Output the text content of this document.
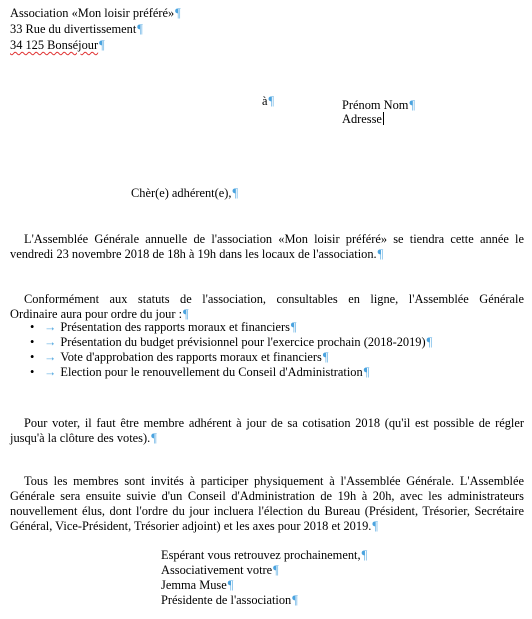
Association «Mon loisir préféré»¶
33 Rue du divertissement¶
34 125 Bonséjour¶
à¶	Prénom Nom¶
Adresse
Chèr(e) adhérent(e),¶
L'Assemblée Générale annuelle de l'association «Mon loisir préféré» se tiendra cette année le
vendredi 23 novembre 2018 de 18h à 19h dans les locaux de l'association.¶
Conformément aux statuts de l'association, consultables en ligne, l'Assemblée Générale
Ordinaire aura pour ordre du jour :¶
• → Présentation des rapports moraux et financiers¶
• → Présentation du budget prévisionnel pour l'exercice prochain (2018-2019)¶
• → Vote d'approbation des rapports moraux et financiers¶
• → Election pour le renouvellement du Conseil d'Administration¶
Pour voter, il faut être membre adhérent à jour de sa cotisation 2018 (qu'il est possible de régler
jusqu'à la clôture des votes).¶
Tous les membres sont invités à participer physiquement à l'Assemblée Générale. L'Assemblée
Générale sera ensuite suivie d'un Conseil d'Administration de 19h à 20h, avec les administrateurs
nouvellement élus, dont l'ordre du jour incluera l'élection du Bureau (Président, Trésorier, Secrétaire
Général, Vice-Président, Trésorier adjoint) et les axes pour 2018 et 2019.¶
Espérant vous retrouvez prochainement,¶
Associativement votre¶
Jemma Muse¶
Présidente de l'association¶
